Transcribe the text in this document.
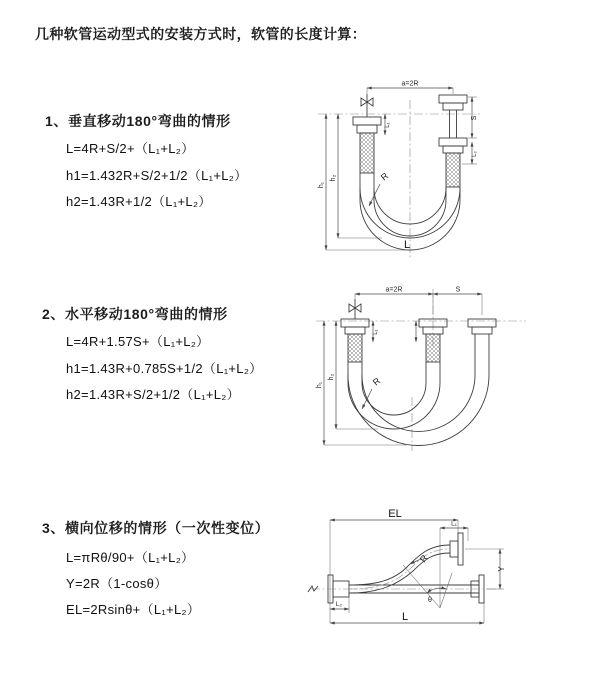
几种软管运动型式的安装方式时，软管的长度计算：
1、垂直移动180°弯曲的情形
L=4R+S/2+（L₁+L₂）
h1=1.432R+S/2+1/2（L₁+L₂）
h2=1.43R+1/2（L₁+L₂）
2、水平移动180°弯曲的情形
L=4R+1.57S+（L₁+L₂）
h1=1.43R+0.785S+1/2（L₁+L₂）
h2=1.43R+S/2+1/2（L₁+L₂）
3、横向位移的情形（一次性变位）
L=πRθ/90+（L₁+L₂）
Y=2R（1-cosθ）
EL=2Rsinθ+（L₁+L₂）
a=2R
h₁
h₂
L₁
S
L₂
R
L
a=2R	S
h₁
h₂
L₁
R
EL
L₁
Y
R
θ
L₂
L
